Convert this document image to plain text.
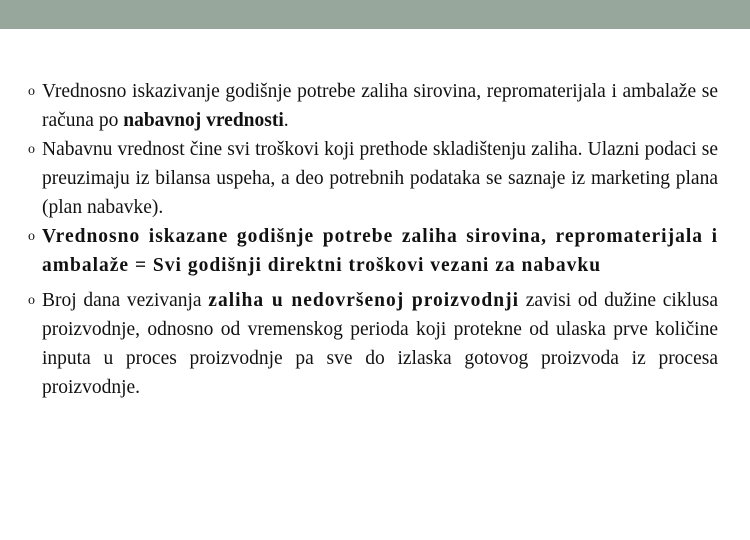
o Vrednosno iskazivanje godišnje potrebe zaliha sirovina, repromaterijala i ambalaže se računa po nabavnoj vrednosti.

o Nabavnu vrednost čine svi troškovi koji prethode skladištenju zaliha. Ulazni podaci se preuzimaju iz bilansa uspeha, a deo potrebnih podataka se saznaje iz marketing plana (plan nabavke).

o Vrednosno iskazane godišnje potrebe zaliha sirovina, repromaterijala i ambalaže = Svi godišnji direktni troškovi vezani za nabavku

o Broj dana vezivanja zaliha u nedovršenoj proizvodnji zavisi od dužine ciklusa proizvodnje, odnosno od vremenskog perioda koji protekne od ulaska prve količine inputa u proces proizvodnje pa sve do izlaska gotovog proizvoda iz procesa proizvodnje.
